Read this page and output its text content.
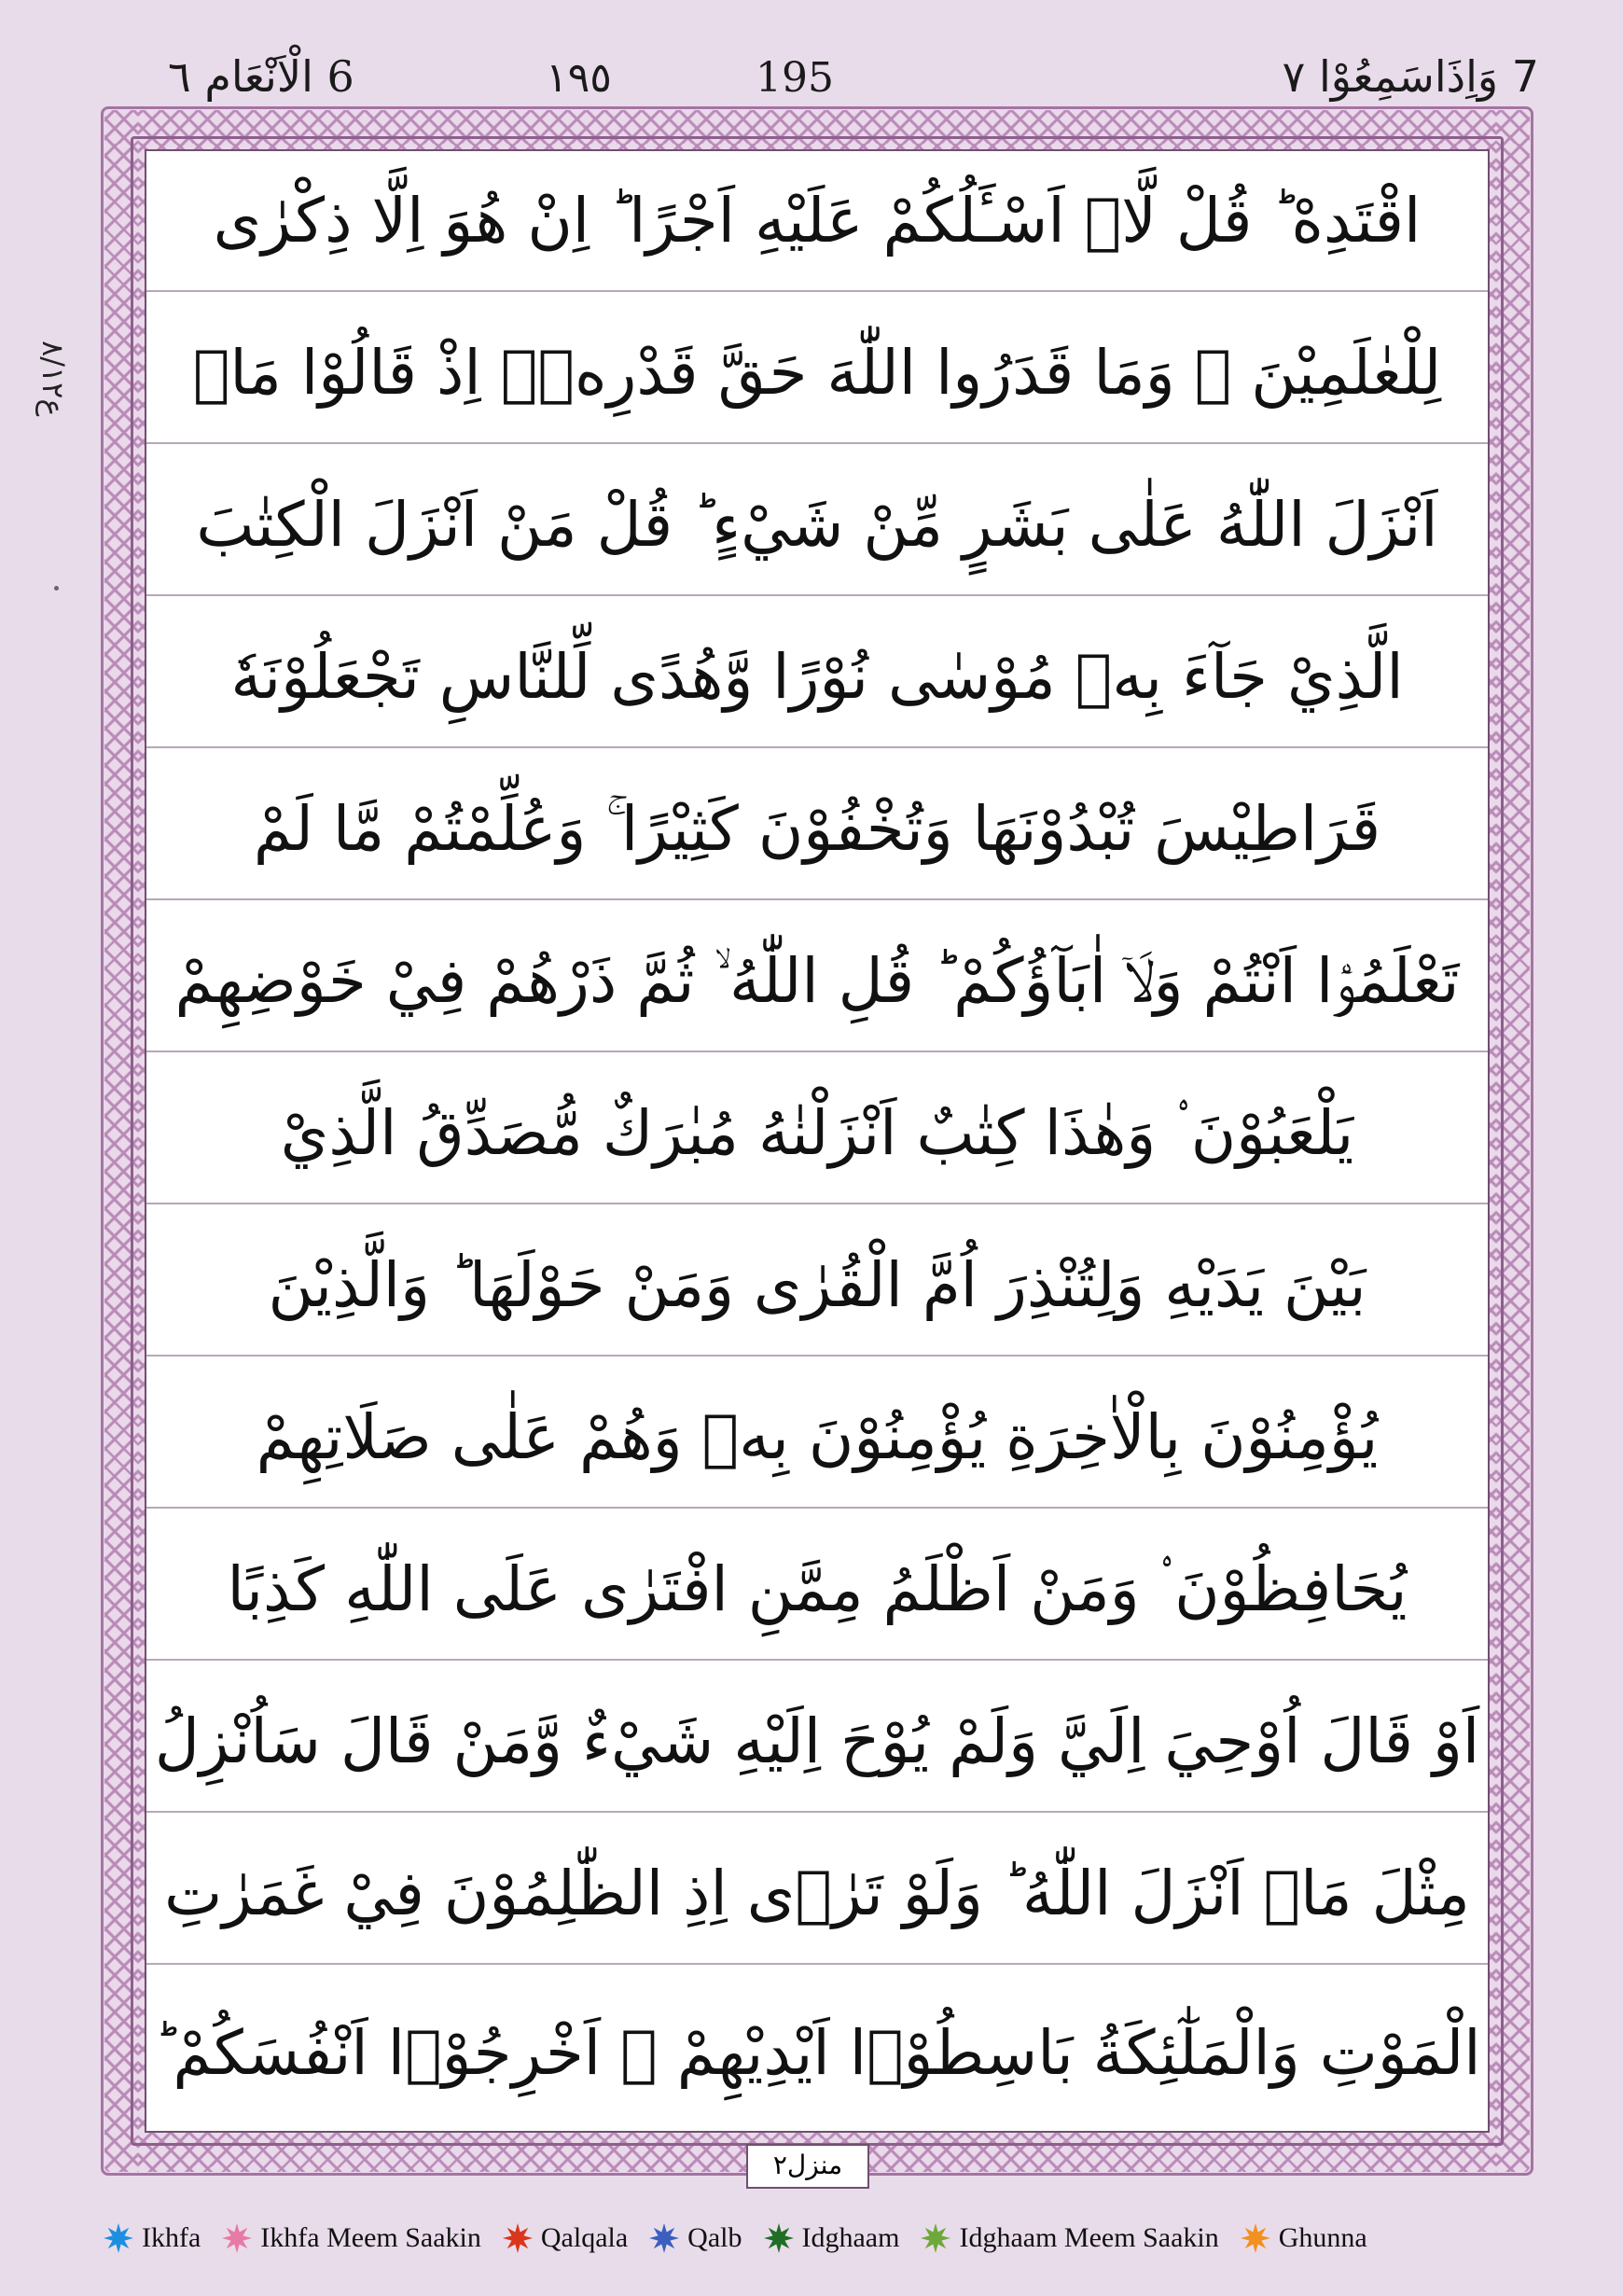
7 وَاِذَاسَمِعُوْا ٧
195
١٩٥
6 الْاَنْعَام ٦
ع٨/١٢
اقْتَدِهْ ؕ قُلْ لَّاۤ اَسْـَٔلُكُمْ عَلَيْهِ اَجْرًا ؕ اِنْ هُوَ اِلَّا ذِكْرٰى
لِلْعٰلَمِيْنَ ۟ وَمَا قَدَرُوا اللّٰهَ حَقَّ قَدْرِهٖۤ اِذْ قَالُوْا مَاۤ
اَنْزَلَ اللّٰهُ عَلٰى بَشَرٍ مِّنْ شَيْءٍ ؕ قُلْ مَنْ اَنْزَلَ الْكِتٰبَ
الَّذِيْ جَآءَ بِهٖ مُوْسٰى نُوْرًا وَّهُدًى لِّلنَّاسِ تَجْعَلُوْنَهٗ
قَرَاطِيْسَ تُبْدُوْنَهَا وَتُخْفُوْنَ كَثِيْرًا ۚ وَعُلِّمْتُمْ مَّا لَمْ
تَعْلَمُوْۤا اَنْتُمْ وَلَاۤ اٰبَآؤُكُمْ ؕ قُلِ اللّٰهُ ۙ ثُمَّ ذَرْهُمْ فِيْ خَوْضِهِمْ
يَلْعَبُوْنَ ۟ وَهٰذَا كِتٰبٌ اَنْزَلْنٰهُ مُبٰرَكٌ مُّصَدِّقُ الَّذِيْ
بَيْنَ يَدَيْهِ وَلِتُنْذِرَ اُمَّ الْقُرٰى وَمَنْ حَوْلَهَا ؕ وَالَّذِيْنَ
يُؤْمِنُوْنَ بِالْاٰخِرَةِ يُؤْمِنُوْنَ بِهٖ وَهُمْ عَلٰى صَلَاتِهِمْ
يُحَافِظُوْنَ ۟ وَمَنْ اَظْلَمُ مِمَّنِ افْتَرٰى عَلَى اللّٰهِ كَذِبًا
اَوْ قَالَ اُوْحِيَ اِلَيَّ وَلَمْ يُوْحَ اِلَيْهِ شَيْءٌ وَّمَنْ قَالَ سَاُنْزِلُ
مِثْلَ مَاۤ اَنْزَلَ اللّٰهُ ؕ وَلَوْ تَرٰۤى اِذِ الظّٰلِمُوْنَ فِيْ غَمَرٰتِ
الْمَوْتِ وَالْمَلٰٓئِكَةُ بَاسِطُوْۤا اَيْدِيْهِمْ ۚ اَخْرِجُوْۤا اَنْفُسَكُمْ ؕ
منزل٢
Ikhfa Ikhfa Meem Saakin Qalqala Qalb Idghaam Idghaam Meem Saakin Ghunna
